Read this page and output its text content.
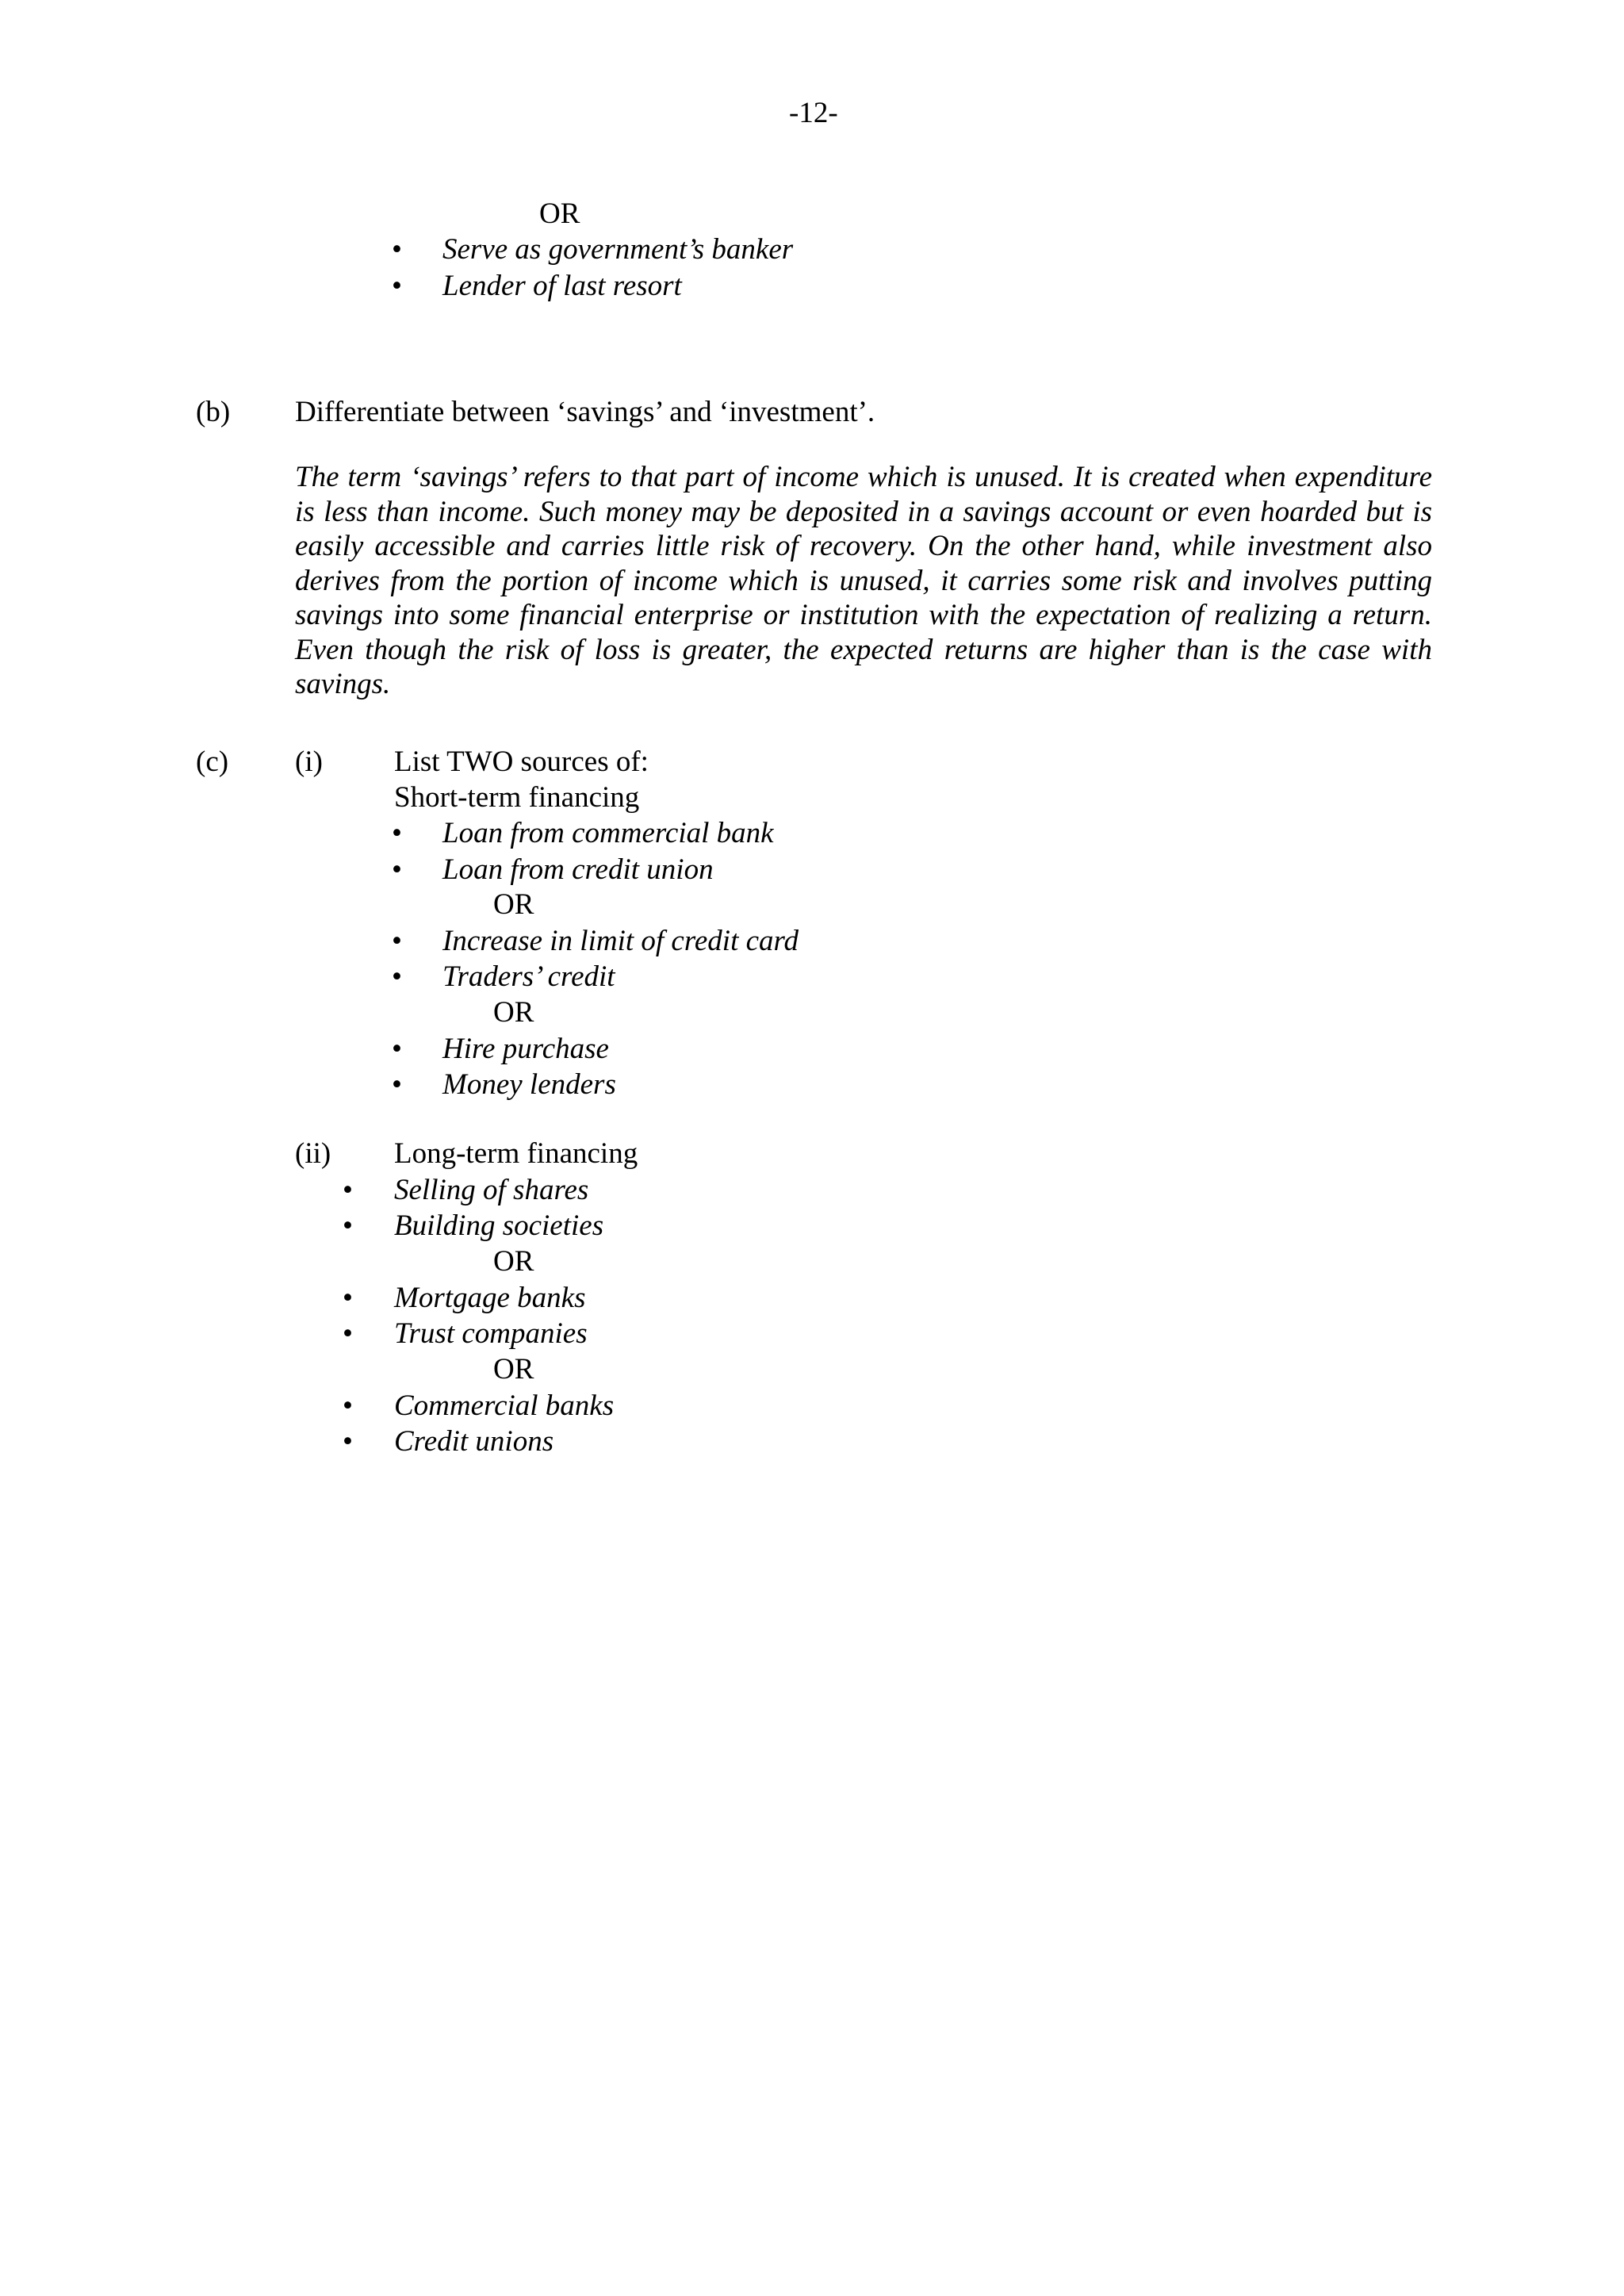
-12-
OR
• Serve as government’s banker
• Lender of last resort
(b) Differentiate between ‘savings’ and ‘investment’.
The term ‘savings’ refers to that part of income which is unused. It is created when expenditure is less than income. Such money may be deposited in a savings account or even hoarded but is easily accessible and carries little risk of recovery. On the other hand, while investment also derives from the portion of income which is unused, it carries some risk and involves putting savings into some financial enterprise or institution with the expectation of realizing a return. Even though the risk of loss is greater, the expected returns are higher than is the case with savings.
(c) (i) List TWO sources of:
Short-term financing
• Loan from commercial bank
• Loan from credit union
OR
• Increase in limit of credit card
• Traders’ credit
OR
• Hire purchase
• Money lenders
(ii) Long-term financing
• Selling of shares
• Building societies
OR
• Mortgage banks
• Trust companies
OR
• Commercial banks
• Credit unions
